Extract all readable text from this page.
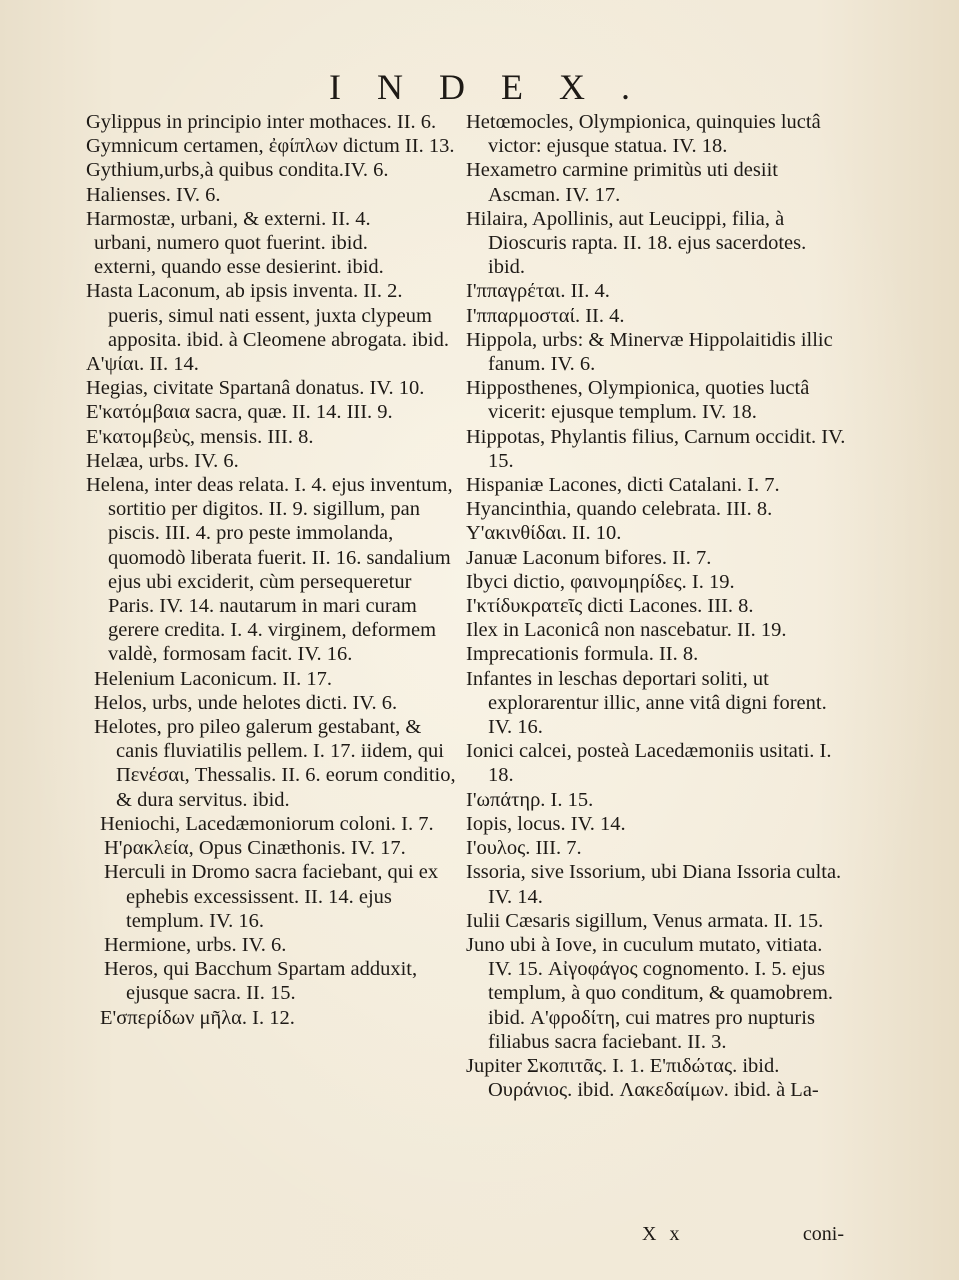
INDEX.
Gylippus in principio inter mothaces. II. 6.
Gymnicum certamen, ἐφίπλων dictum II. 13.
Gythium,urbs,à quibus condita.IV. 6.
Halienses. IV. 6.
Harmostæ, urbani, & externi. II. 4.
urbani, numero quot fuerint. ibid.
externi, quando esse desierint. ibid.
Hasta Laconum, ab ipsis inventa. II. 2. pueris, simul nati essent, juxta clypeum apposita. ibid. à Cleomene abrogata. ibid.
Α'ψίαι. II. 14.
Hegias, civitate Spartanâ donatus. IV. 10.
Ε'κατόμβαια sacra, quæ. II. 14. III. 9.
Ε'κατομβεὺς, mensis. III. 8.
Helæa, urbs. IV. 6.
Helena, inter deas relata. I. 4. ejus inventum, sortitio per digitos. II. 9. sigillum, pan piscis. III. 4. pro peste immolanda, quomodò liberata fuerit. II. 16. sandalium ejus ubi exciderit, cùm persequeretur Paris. IV. 14. nautarum in mari curam gerere credita. I. 4. virginem, deformem valdè, formosam facit. IV. 16.
Helenium Laconicum. II. 17.
Helos, urbs, unde helotes dicti. IV. 6.
Helotes, pro pileo galerum gestabant, & canis fluviatilis pellem. I. 17. iidem, qui Πενέσαι, Thessalis. II. 6. eorum conditio, & dura servitus. ibid.
Heniochi, Lacedæmoniorum coloni. I. 7.
Η'ρακλεία, Opus Cinæthonis. IV. 17.
Herculi in Dromo sacra faciebant, qui ex ephebis excessissent. II. 14. ejus templum. IV. 16.
Hermione, urbs. IV. 6.
Heros, qui Bacchum Spartam adduxit, ejusque sacra. II. 15.
Ε'σπερίδων μῆλα. I. 12.
Hetœmocles, Olympionica, quinquies luctâ victor: ejusque statua. IV. 18.
Hexametro carmine primitùs uti desiit Ascman. IV. 17.
Hilaira, Apollinis, aut Leucippi, filia, à Dioscuris rapta. II. 18. ejus sacerdotes. ibid.
Ι'ππαγρέται. II. 4.
Ι'ππαρμοσταί. II. 4.
Hippola, urbs: & Minervæ Hippolaitidis illic fanum. IV. 6.
Hipposthenes, Olympionica, quoties luctâ vicerit: ejusque templum. IV. 18.
Hippotas, Phylantis filius, Carnum occidit. IV. 15.
Hispaniæ Lacones, dicti Catalani. I. 7.
Hyancinthia, quando celebrata. III. 8.
Υ'ακινθίδαι. II. 10.
Januæ Laconum bifores. II. 7.
Ibyci dictio, φαινομηρίδες. I. 19.
Ι'κτίδυκρατεῖς dicti Lacones. III. 8.
Ilex in Laconicâ non nascebatur. II. 19.
Imprecationis formula. II. 8.
Infantes in leschas deportari soliti, ut explorarentur illic, anne vitâ digni forent. IV. 16.
Ionici calcei, posteà Lacedæmoniis usitati. I. 18.
Ι'ωπάτηρ. I. 15.
Iopis, locus. IV. 14.
Ι'ουλος. III. 7.
Issoria, sive Issorium, ubi Diana Issoria culta. IV. 14.
Iulii Cæsaris sigillum, Venus armata. II. 15.
Juno ubi à Iove, in cuculum mutato, vitiata. IV. 15. Αἰγοφάγος cognomento. I. 5. ejus templum, à quo conditum, & quamobrem. ibid. Α'φροδίτη, cui matres pro nupturis filiabus sacra faciebant. II. 3.
Jupiter Σκοπιτᾶς. I. 1. Ε'πιδώτας. ibid. Ουράνιος. ibid. Λακεδαίμων. ibid. à La-
X x	coni-
